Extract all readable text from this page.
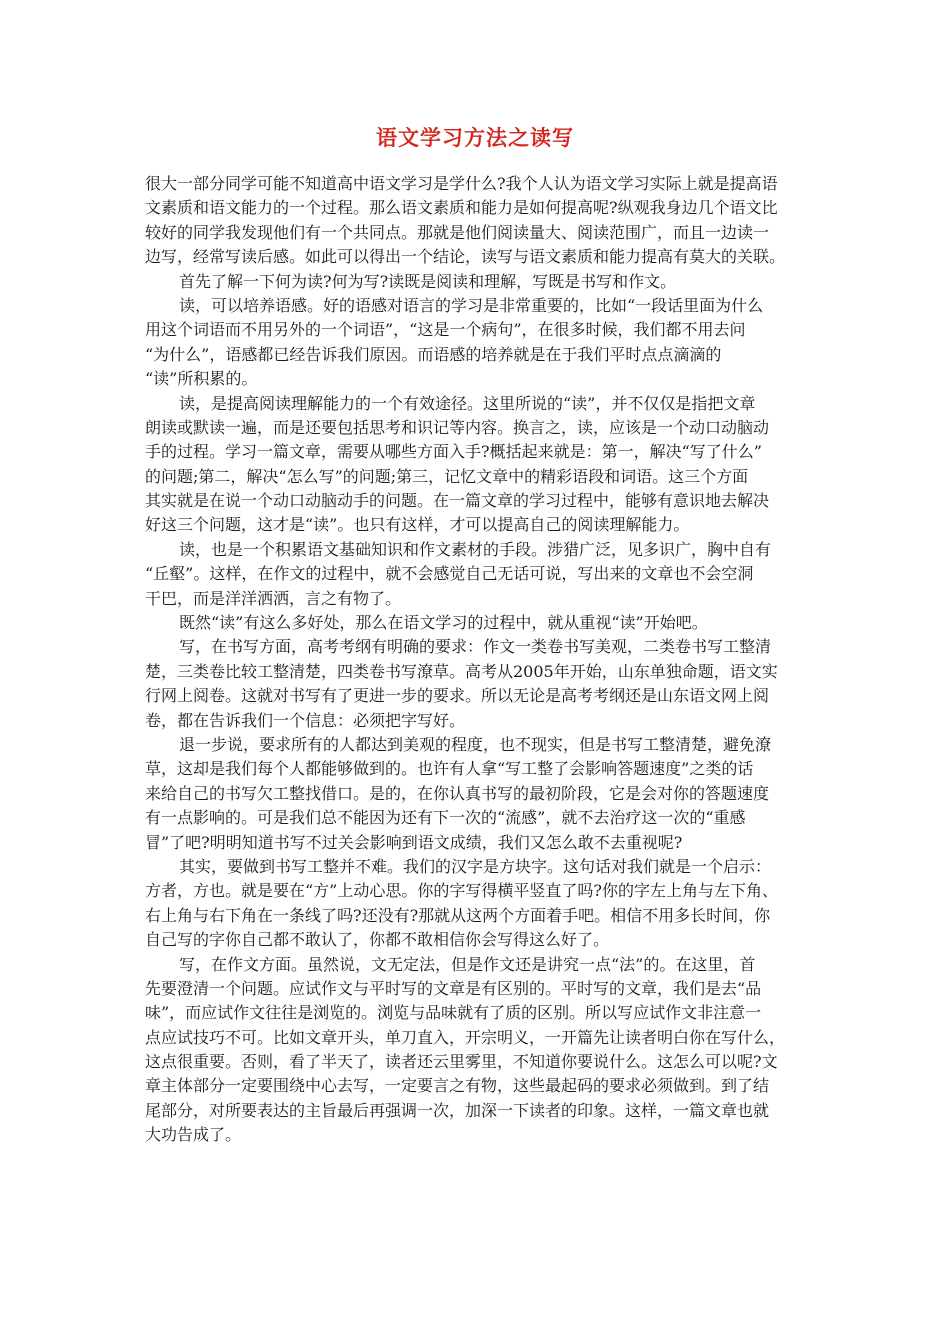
语文学习方法之读写
很大一部分同学可能不知道高中语文学习是学什么?我个人认为语文学习实际上就是提高语
文素质和语文能力的一个过程。那么语文素质和能力是如何提高呢?纵观我身边几个语文比
较好的同学我发现他们有一个共同点。那就是他们阅读量大、阅读范围广，而且一边读一
边写，经常写读后感。如此可以得出一个结论，读写与语文素质和能力提高有莫大的关联。
首先了解一下何为读?何为写?读既是阅读和理解，写既是书写和作文。
读，可以培养语感。好的语感对语言的学习是非常重要的，比如“一段话里面为什么
用这个词语而不用另外的一个词语”，“这是一个病句”，在很多时候，我们都不用去问
“为什么”，语感都已经告诉我们原因。而语感的培养就是在于我们平时点点滴滴的
“读”所积累的。
读，是提高阅读理解能力的一个有效途径。这里所说的“读”，并不仅仅是指把文章
朗读或默读一遍，而是还要包括思考和识记等内容。换言之，读，应该是一个动口动脑动
手的过程。学习一篇文章，需要从哪些方面入手?概括起来就是：第一，解决“写了什么”
的问题;第二，解决“怎么写”的问题;第三，记忆文章中的精彩语段和词语。这三个方面
其实就是在说一个动口动脑动手的问题。在一篇文章的学习过程中，能够有意识地去解决
好这三个问题，这才是“读”。也只有这样，才可以提高自己的阅读理解能力。
读，也是一个积累语文基础知识和作文素材的手段。涉猎广泛，见多识广，胸中自有
“丘壑”。这样，在作文的过程中，就不会感觉自己无话可说，写出来的文章也不会空洞
干巴，而是洋洋洒洒，言之有物了。
既然“读”有这么多好处，那么在语文学习的过程中，就从重视“读”开始吧。
写，在书写方面，高考考纲有明确的要求：作文一类卷书写美观，二类卷书写工整清
楚，三类卷比较工整清楚，四类卷书写潦草。高考从2005年开始，山东单独命题，语文实
行网上阅卷。这就对书写有了更进一步的要求。所以无论是高考考纲还是山东语文网上阅
卷，都在告诉我们一个信息：必须把字写好。
退一步说，要求所有的人都达到美观的程度，也不现实，但是书写工整清楚，避免潦
草，这却是我们每个人都能够做到的。也许有人拿“写工整了会影响答题速度”之类的话
来给自己的书写欠工整找借口。是的，在你认真书写的最初阶段，它是会对你的答题速度
有一点影响的。可是我们总不能因为还有下一次的“流感”，就不去治疗这一次的“重感
冒”了吧?明明知道书写不过关会影响到语文成绩，我们又怎么敢不去重视呢?
其实，要做到书写工整并不难。我们的汉字是方块字。这句话对我们就是一个启示：
方者，方也。就是要在“方”上动心思。你的字写得横平竖直了吗?你的字左上角与左下角、
右上角与右下角在一条线了吗?还没有?那就从这两个方面着手吧。相信不用多长时间，你
自己写的字你自己都不敢认了，你都不敢相信你会写得这么好了。
写，在作文方面。虽然说，文无定法，但是作文还是讲究一点“法”的。在这里，首
先要澄清一个问题。应试作文与平时写的文章是有区别的。平时写的文章，我们是去“品
味”，而应试作文往往是浏览的。浏览与品味就有了质的区别。所以写应试作文非注意一
点应试技巧不可。比如文章开头，单刀直入，开宗明义，一开篇先让读者明白你在写什么，
这点很重要。否则，看了半天了，读者还云里雾里，不知道你要说什么。这怎么可以呢?文
章主体部分一定要围绕中心去写，一定要言之有物，这些最起码的要求必须做到。到了结
尾部分，对所要表达的主旨最后再强调一次，加深一下读者的印象。这样，一篇文章也就
大功告成了。
